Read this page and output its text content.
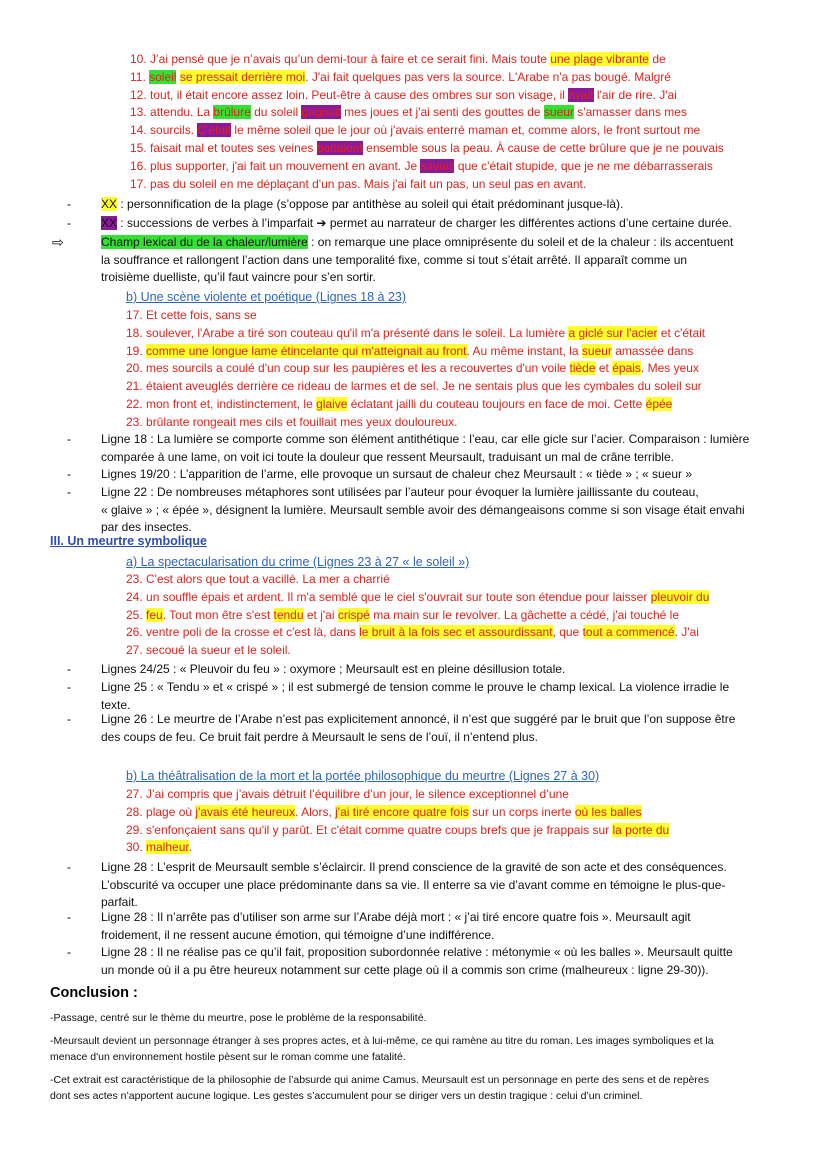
10. J’ai pensé que je n’avais qu’un demi-tour à faire et ce serait fini. Mais toute une plage vibrante de
11. soleil se pressait derrière moi. J'ai fait quelques pas vers la source. L'Arabe n'a pas bougé. Malgré
12. tout, il était encore assez loin. Peut-être à cause des ombres sur son visage, il avait l'air de rire. J'ai
13. attendu. La brûlure du soleil gagnait mes joues et j'ai senti des gouttes de sueur s'amasser dans mes
14. sourcils. C'était le même soleil que le jour où j'avais enterré maman et, comme alors, le front surtout me
15. faisait mal et toutes ses veines battaient ensemble sous la peau. À cause de cette brûlure que je ne pouvais
16. plus supporter, j'ai fait un mouvement en avant. Je savais que c'était stupide, que je ne me débarrasserais
17. pas du soleil en me déplaçant d'un pas. Mais j'ai fait un pas, un seul pas en avant.
-	XX : personnification de la plage (s’oppose par antithèse au soleil qui était prédominant jusque-là).
-	XX : successions de verbes à l’imparfait ➔ permet au narrateur de charger les différentes actions d’une certaine durée.
⇨	Champ lexical du de la chaleur/lumière : on remarque une place omniprésente du soleil et de la chaleur : ils accentuent
la souffrance et rallongent l’action dans une temporalité fixe, comme si tout s’était arrêté. Il apparaît comme un
troisième duelliste, qu’il faut vaincre pour s’en sortir.
b) Une scène violente et poétique (Lignes 18 à 23)
17. Et cette fois, sans se
18. soulever, l'Arabe a tiré son couteau qu'il m'a présenté dans le soleil. La lumière a giclé sur l'acier et c'était
19. comme une longue lame étincelante qui m'atteignait au front. Au même instant, la sueur amassée dans
20. mes sourcils a coulé d'un coup sur les paupières et les a recouvertes d'un voile tiède et épais. Mes yeux
21. étaient aveuglés derrière ce rideau de larmes et de sel. Je ne sentais plus que les cymbales du soleil sur
22. mon front et, indistinctement, le glaive éclatant jailli du couteau toujours en face de moi. Cette épée
23. brûlante rongeait mes cils et fouillait mes yeux douloureux.
-	Ligne 18 : La lumière se comporte comme son élément antithétique : l’eau, car elle gicle sur l’acier. Comparaison : lumière
comparée à une lame, on voit ici toute la douleur que ressent Meursault, traduisant un mal de crâne terrible.
-	Lignes 19/20 : L’apparition de l’arme, elle provoque un sursaut de chaleur chez Meursault : « tiède » ; « sueur »
-	Ligne 22 : De nombreuses métaphores sont utilisées par l’auteur pour évoquer la lumière jaillissante du couteau,
« glaive » ; « épée », désignent la lumière. Meursault semble avoir des démangeaisons comme si son visage était envahi
par des insectes.
III. Un meurtre symbolique
a) La spectacularisation du crime (Lignes 23 à 27 « le soleil »)
23. C'est alors que tout a vacillé. La mer a charrié
24. un souffle épais et ardent. Il m'a semblé que le ciel s'ouvrait sur toute son étendue pour laisser pleuvoir du
25. feu. Tout mon être s'est tendu et j'ai crispé ma main sur le revolver. La gâchette a cédé, j'ai touché le
26. ventre poli de la crosse et c'est là, dans le bruit à la fois sec et assourdissant, que tout a commencé. J'ai
27. secoué la sueur et le soleil.
-	Lignes 24/25 : « Pleuvoir du feu » : oxymore ; Meursault est en pleine désillusion totale.
-	Ligne 25 : « Tendu » et « crispé » ; il est submergé de tension comme le prouve le champ lexical. La violence irradie le
texte.
-	Ligne 26 : Le meurtre de l’Arabe n’est pas explicitement annoncé, il n’est que suggéré par le bruit que l’on suppose être
des coups de feu. Ce bruit fait perdre à Meursault le sens de l’ouï, il n’entend plus.
b) La théâtralisation de la mort et la portée philosophique du meurtre (Lignes 27 à 30)
27. J’ai compris que j’avais détruit l’équilibre d’un jour, le silence exceptionnel d’une
28. plage où j'avais été heureux. Alors, j'ai tiré encore quatre fois sur un corps inerte où les balles
29. s'enfonçaient sans qu'il y parût. Et c'était comme quatre coups brefs que je frappais sur la porte du
30. malheur.
-	Ligne 28 : L’esprit de Meursault semble s’éclaircir. Il prend conscience de la gravité de son acte et des conséquences.
L’obscurité va occuper une place prédominante dans sa vie. Il enterre sa vie d’avant comme en témoigne le plus-que-
parfait.
-	Ligne 28 : Il n’arrête pas d’utiliser son arme sur l’Arabe déjà mort : « j’ai tiré encore quatre fois ». Meursault agit
froidement, il ne ressent aucune émotion, qui témoigne d’une indifférence.
-	Ligne 28 : Il ne réalise pas ce qu’il fait, proposition subordonnée relative : métonymie « où les balles ». Meursault quitte
un monde où il a pu être heureux notamment sur cette plage où il a commis son crime (malheureux : ligne 29-30)).
Conclusion :
-Passage, centré sur le thème du meurtre, pose le problème de la responsabilité.
-Meursault devient un personnage étranger à ses propres actes, et à lui-même, ce qui ramène au titre du roman. Les images symboliques et la
menace d'un environnement hostile pèsent sur le roman comme une fatalité.
-Cet extrait est caractéristique de la philosophie de l’absurde qui anime Camus. Meursault est un personnage en perte des sens et de repères
dont ses actes n’apportent aucune logique. Les gestes s’accumulent pour se diriger vers un destin tragique : celui d’un criminel.
